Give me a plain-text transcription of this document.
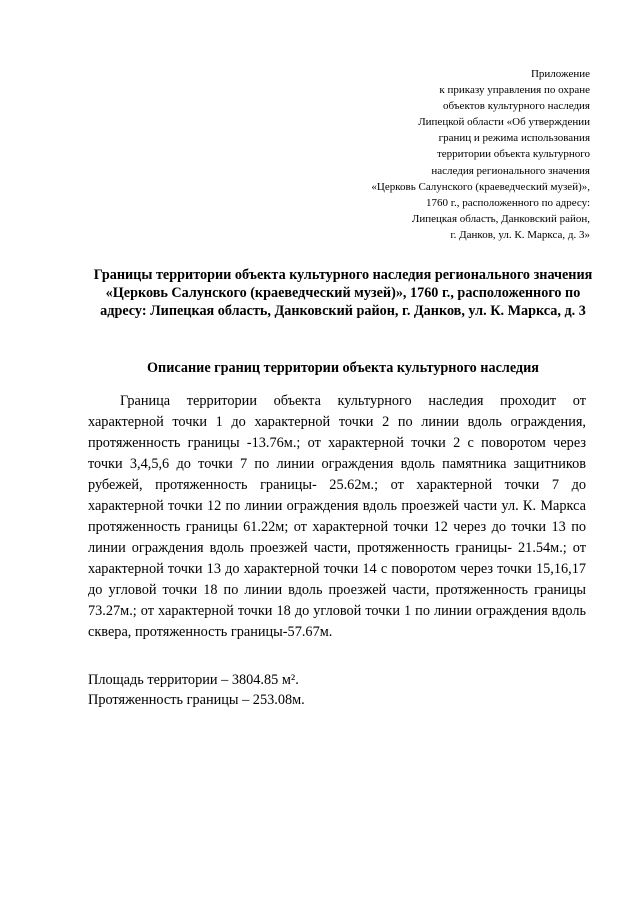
Приложение
к приказу управления по охране
объектов культурного наследия
Липецкой области «Об утверждении
границ и режима использования
территории объекта культурного
наследия регионального значения
«Церковь Салунского (краеведческий музей)»,
1760 г., расположенного по адресу:
Липецкая область, Данковский район,
г. Данков, ул. К. Маркса, д. 3»
Границы территории объекта культурного наследия регионального значения «Церковь Салунского (краеведческий музей)», 1760 г., расположенного по адресу: Липецкая область, Данковский район, г. Данков, ул. К. Маркса, д. 3
Описание границ территории объекта культурного наследия

Граница территории объекта культурного наследия проходит от характерной точки 1 до характерной точки 2 по линии вдоль ограждения, протяженность границы -13.76м.; от характерной точки 2 с поворотом через точки 3,4,5,6 до точки 7 по линии ограждения вдоль памятника защитников рубежей, протяженность границы- 25.62м.; от характерной точки 7 до характерной точки 12 по линии ограждения вдоль проезжей части ул. К. Маркса протяженность границы 61.22м; от характерной точки 12 через до точки 13 по линии ограждения вдоль проезжей части, протяженность границы- 21.54м.; от характерной точки 13 до характерной точки 14 с поворотом через точки 15,16,17 до угловой точки 18 по линии вдоль проезжей части, протяженность границы 73.27м.; от характерной точки 18 до угловой точки 1 по линии ограждения вдоль сквера, протяженность границы-57.67м.

Площадь территории – 3804.85 м².
Протяженность границы – 253.08м.
